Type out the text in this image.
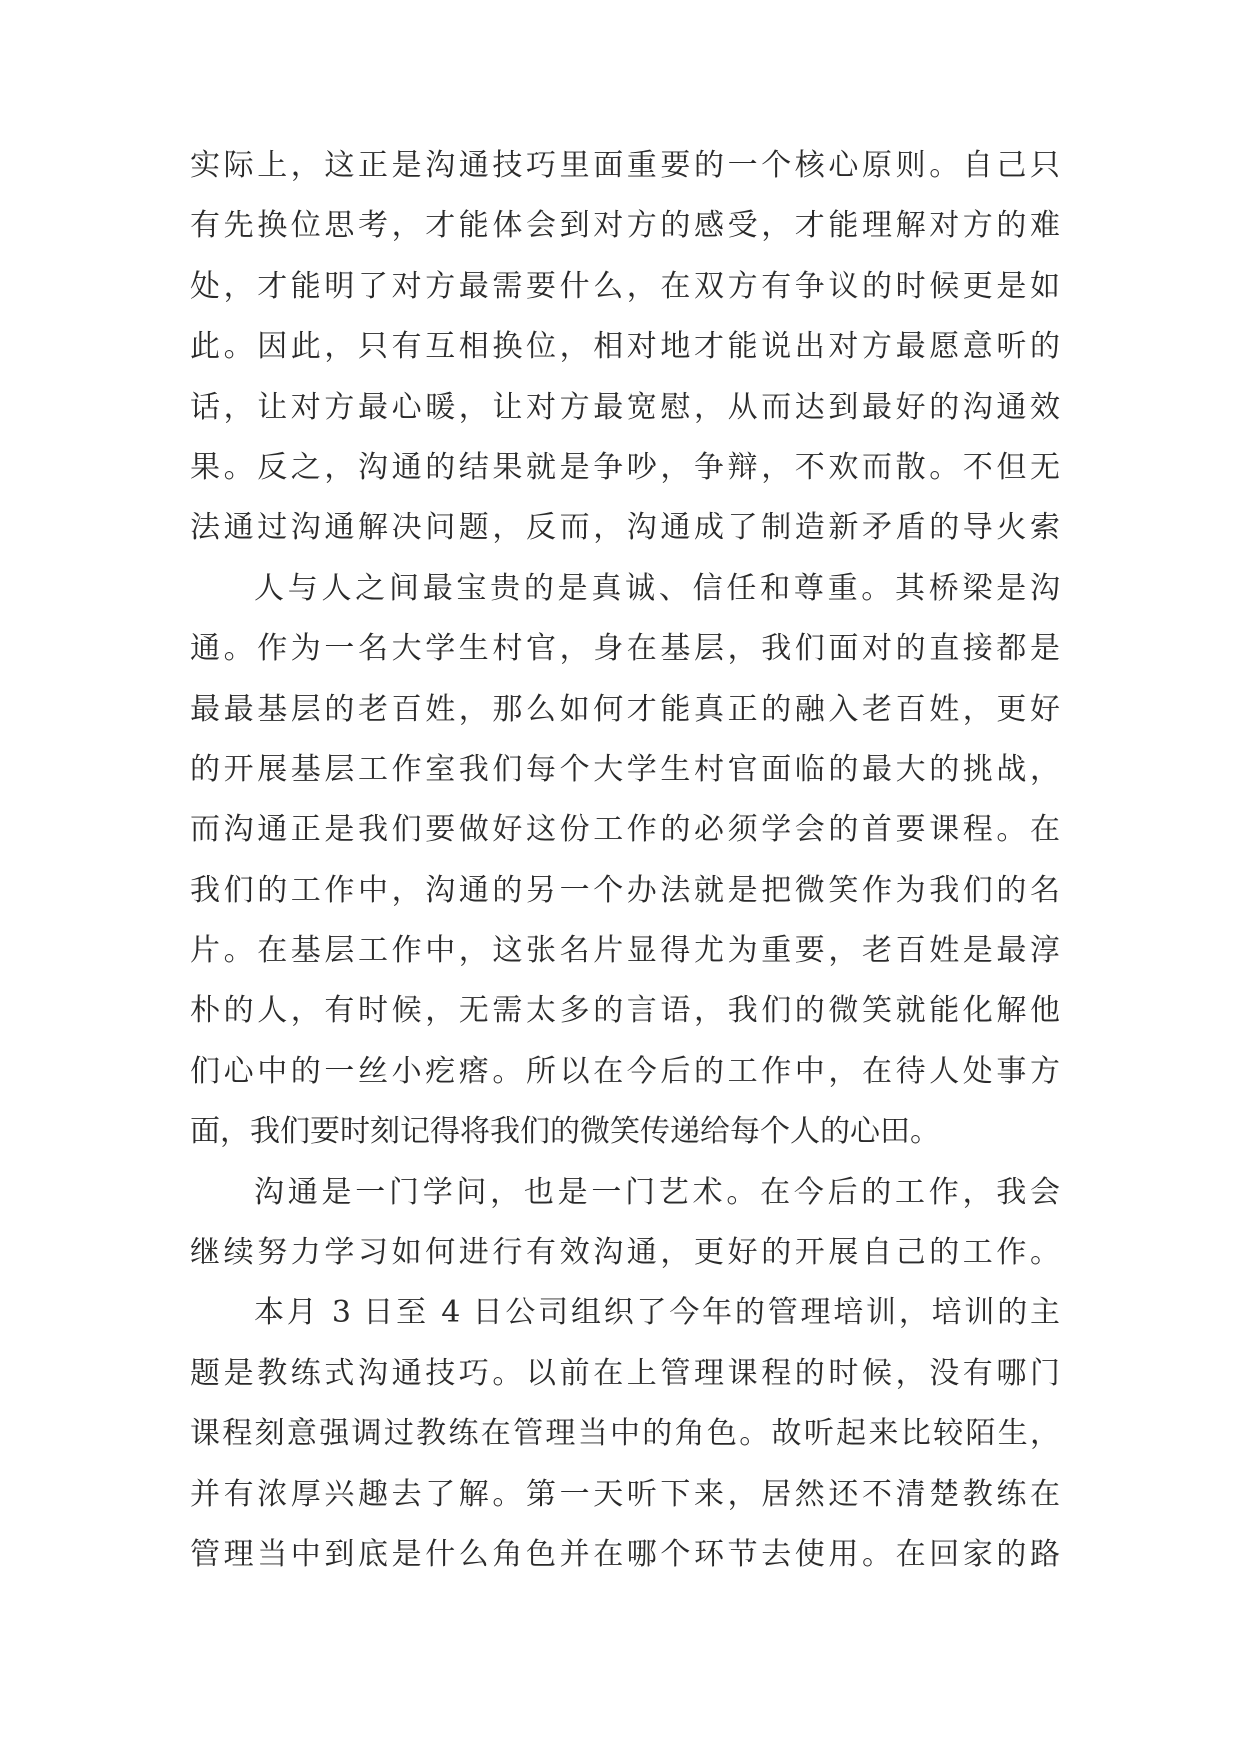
实际上，这正是沟通技巧里面重要的一个核心原则。自己只
有先换位思考，才能体会到对方的感受，才能理解对方的难
处，才能明了对方最需要什么，在双方有争议的时候更是如
此。因此，只有互相换位，相对地才能说出对方最愿意听的
话，让对方最心暖，让对方最宽慰，从而达到最好的沟通效
果。反之，沟通的结果就是争吵，争辩，不欢而散。不但无
法通过沟通解决问题，反而，沟通成了制造新矛盾的导火索
人与人之间最宝贵的是真诚、信任和尊重。其桥梁是沟
通。作为一名大学生村官，身在基层，我们面对的直接都是
最最基层的老百姓，那么如何才能真正的融入老百姓，更好
的开展基层工作室我们每个大学生村官面临的最大的挑战，
而沟通正是我们要做好这份工作的必须学会的首要课程。在
我们的工作中，沟通的另一个办法就是把微笑作为我们的名
片。在基层工作中，这张名片显得尤为重要，老百姓是最淳
朴的人，有时候，无需太多的言语，我们的微笑就能化解他
们心中的一丝小疙瘩。所以在今后的工作中，在待人处事方
面，我们要时刻记得将我们的微笑传递给每个人的心田。
沟通是一门学问，也是一门艺术。在今后的工作，我会
继续努力学习如何进行有效沟通，更好的开展自己的工作。
本月 3 日至 4 日公司组织了今年的管理培训，培训的主
题是教练式沟通技巧。以前在上管理课程的时候，没有哪门
课程刻意强调过教练在管理当中的角色。故听起来比较陌生，
并有浓厚兴趣去了解。第一天听下来，居然还不清楚教练在
管理当中到底是什么角色并在哪个环节去使用。在回家的路
